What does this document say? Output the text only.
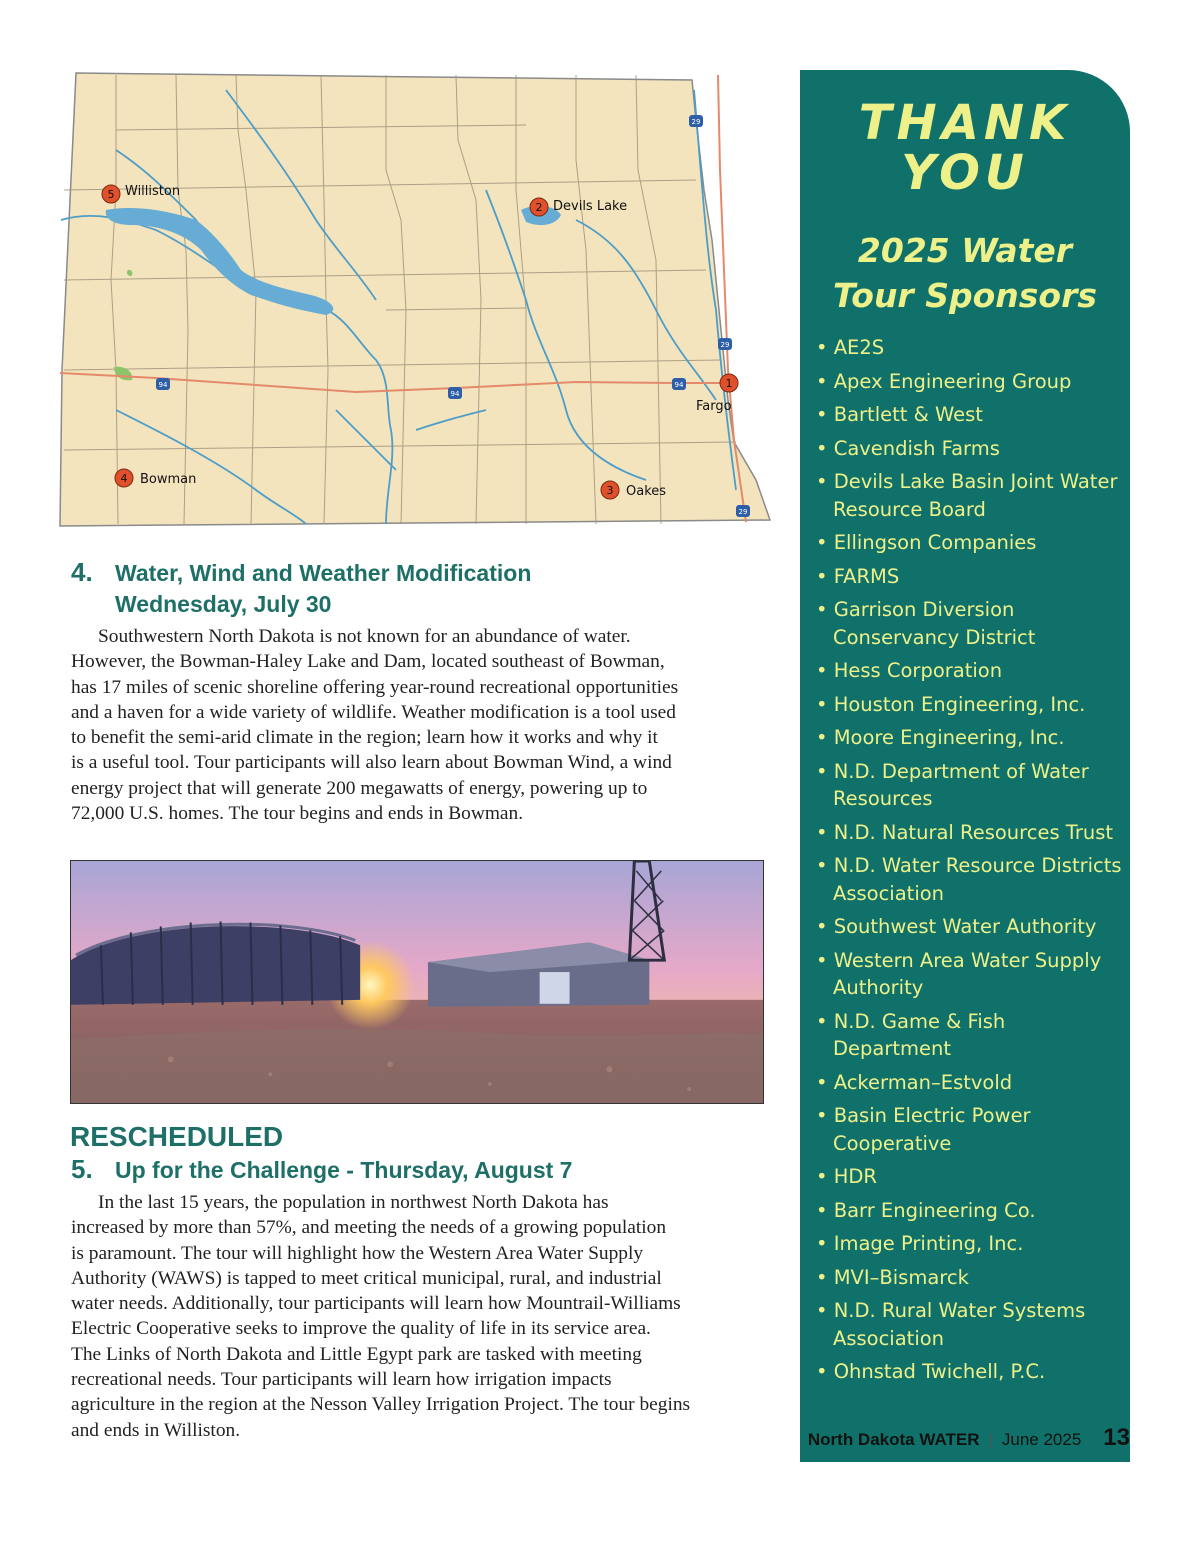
29
94
94
94
29
29
1
Fargo
2 Devils Lake
3 Oakes
4 Bowman
5 Williston
4. Water, Wind and Weather Modification
Wednesday, July 30
Southwestern North Dakota is not known for an abundance of water.
However, the Bowman-Haley Lake and Dam, located southeast of Bowman,
has 17 miles of scenic shoreline offering year-round recreational opportunities
and a haven for a wide variety of wildlife. Weather modification is a tool used
to benefit the semi-arid climate in the region; learn how it works and why it
is a useful tool. Tour participants will also learn about Bowman Wind, a wind
energy project that will generate 200 megawatts of energy, powering up to
72,000 U.S. homes. The tour begins and ends in Bowman.
RESCHEDULED
5. Up for the Challenge - Thursday, August 7
In the last 15 years, the population in northwest North Dakota has
increased by more than 57%, and meeting the needs of a growing population
is paramount. The tour will highlight how the Western Area Water Supply
Authority (WAWS) is tapped to meet critical municipal, rural, and industrial
water needs. Additionally, tour participants will learn how Mountrail-Williams
Electric Cooperative seeks to improve the quality of life in its service area.
The Links of North Dakota and Little Egypt park are tasked with meeting
recreational needs. Tour participants will learn how irrigation impacts
agriculture in the region at the Nesson Valley Irrigation Project. The tour begins
and ends in Williston.
THANK
YOU
2025 Water
Tour Sponsors
• AE2S
• Apex Engineering Group
• Bartlett & West
• Cavendish Farms
• Devils Lake Basin Joint Water Resource Board
• Ellingson Companies
• FARMS
• Garrison Diversion Conservancy District
• Hess Corporation
• Houston Engineering, Inc.
• Moore Engineering, Inc.
• N.D. Department of Water Resources
• N.D. Natural Resources Trust
• N.D. Water Resource Districts Association
• Southwest Water Authority
• Western Area Water Supply Authority
• N.D. Game & Fish Department
• Ackerman–Estvold
• Basin Electric Power Cooperative
• HDR
• Barr Engineering Co.
• Image Printing, Inc.
• MVI–Bismarck
• N.D. Rural Water Systems Association
• Ohnstad Twichell, P.C.
North Dakota WATER | June 2025 13
